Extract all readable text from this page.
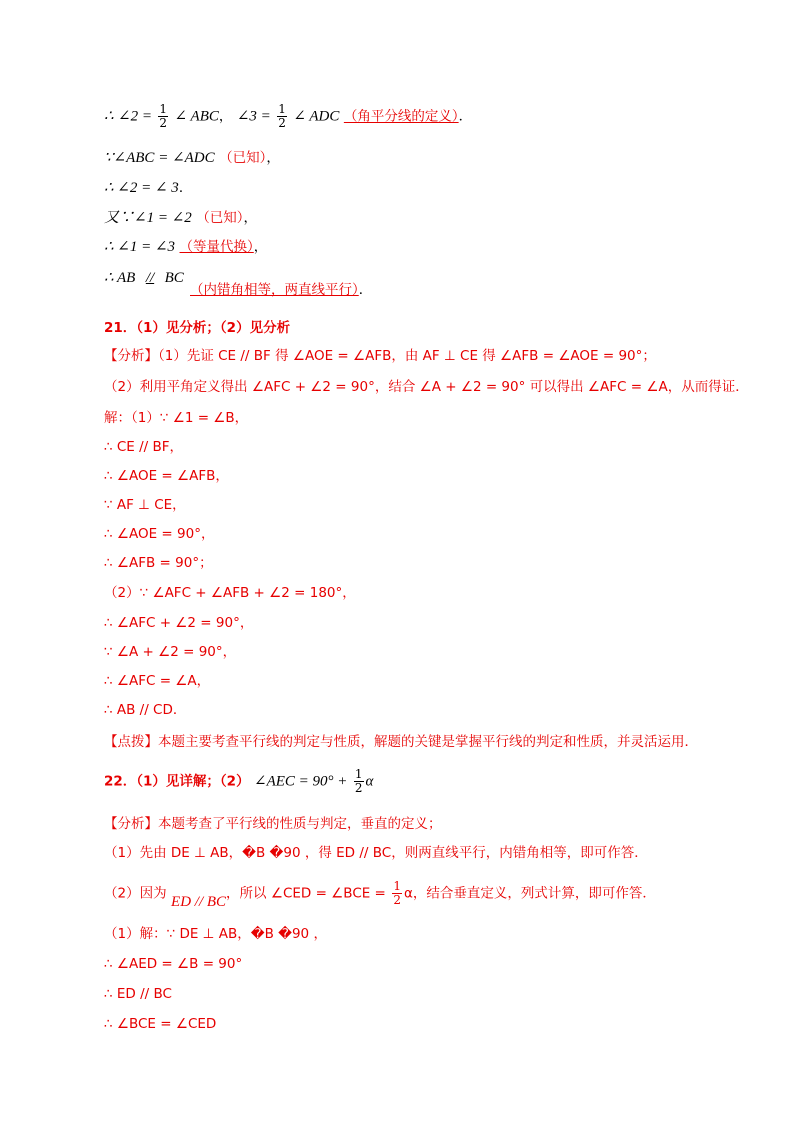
∴ ∠2 = $\frac{1}{2}$ ∠ ABC， ∠3 = $\frac{1}{2}$ ∠ ADC （角平分线的定义）．
∵∠ABC = ∠ADC （已知），
∴ ∠2 = ∠ 3．
又∵∠1 = ∠2 （已知），
∴ ∠1 = ∠3 （等量代换），
∴ AB // BC
（内错角相等，两直线平行）．
21．（1）见分析；（2）见分析
【分析】（1）先证 CE // BF 得 ∠AOE = ∠AFB，由 AF ⊥ CE 得 ∠AFB = ∠AOE = 90°；
（2）利用平角定义得出 ∠AFC + ∠2 = 90°，结合 ∠A + ∠2 = 90° 可以得出 ∠AFC = ∠A，从而得证．
解：（1）∵ ∠1 = ∠B，
∴ CE // BF，
∴ ∠AOE = ∠AFB，
∵ AF ⊥ CE，
∴ ∠AOE = 90°，
∴ ∠AFB = 90°；
（2）∵ ∠AFC + ∠AFB + ∠2 = 180°，
∴ ∠AFC + ∠2 = 90°，
∵ ∠A + ∠2 = 90°，
∴ ∠AFC = ∠A，
∴ AB // CD．
【点拨】本题主要考查平行线的判定与性质，解题的关键是掌握平行线的判定和性质，并灵活运用．
22．（1）见详解；（2） ∠AEC = $90^\circ + \frac{1}{2}$ α
【分析】本题考查了平行线的性质与判定，垂直的定义；
（1）先由 DE ⊥ AB，�B �90 ，得 ED // BC，则两直线平行，内错角相等，即可作答．
（2）因为 ED // BC，所以 ∠CED = ∠BCE = $\frac{1}{2}$ α，结合垂直定义，列式计算，即可作答．
（1）解：∵ DE ⊥ AB，�B �90 ，
∴ ∠AED = ∠B = 90°
∴ ED // BC
∴ ∠BCE = ∠CED
